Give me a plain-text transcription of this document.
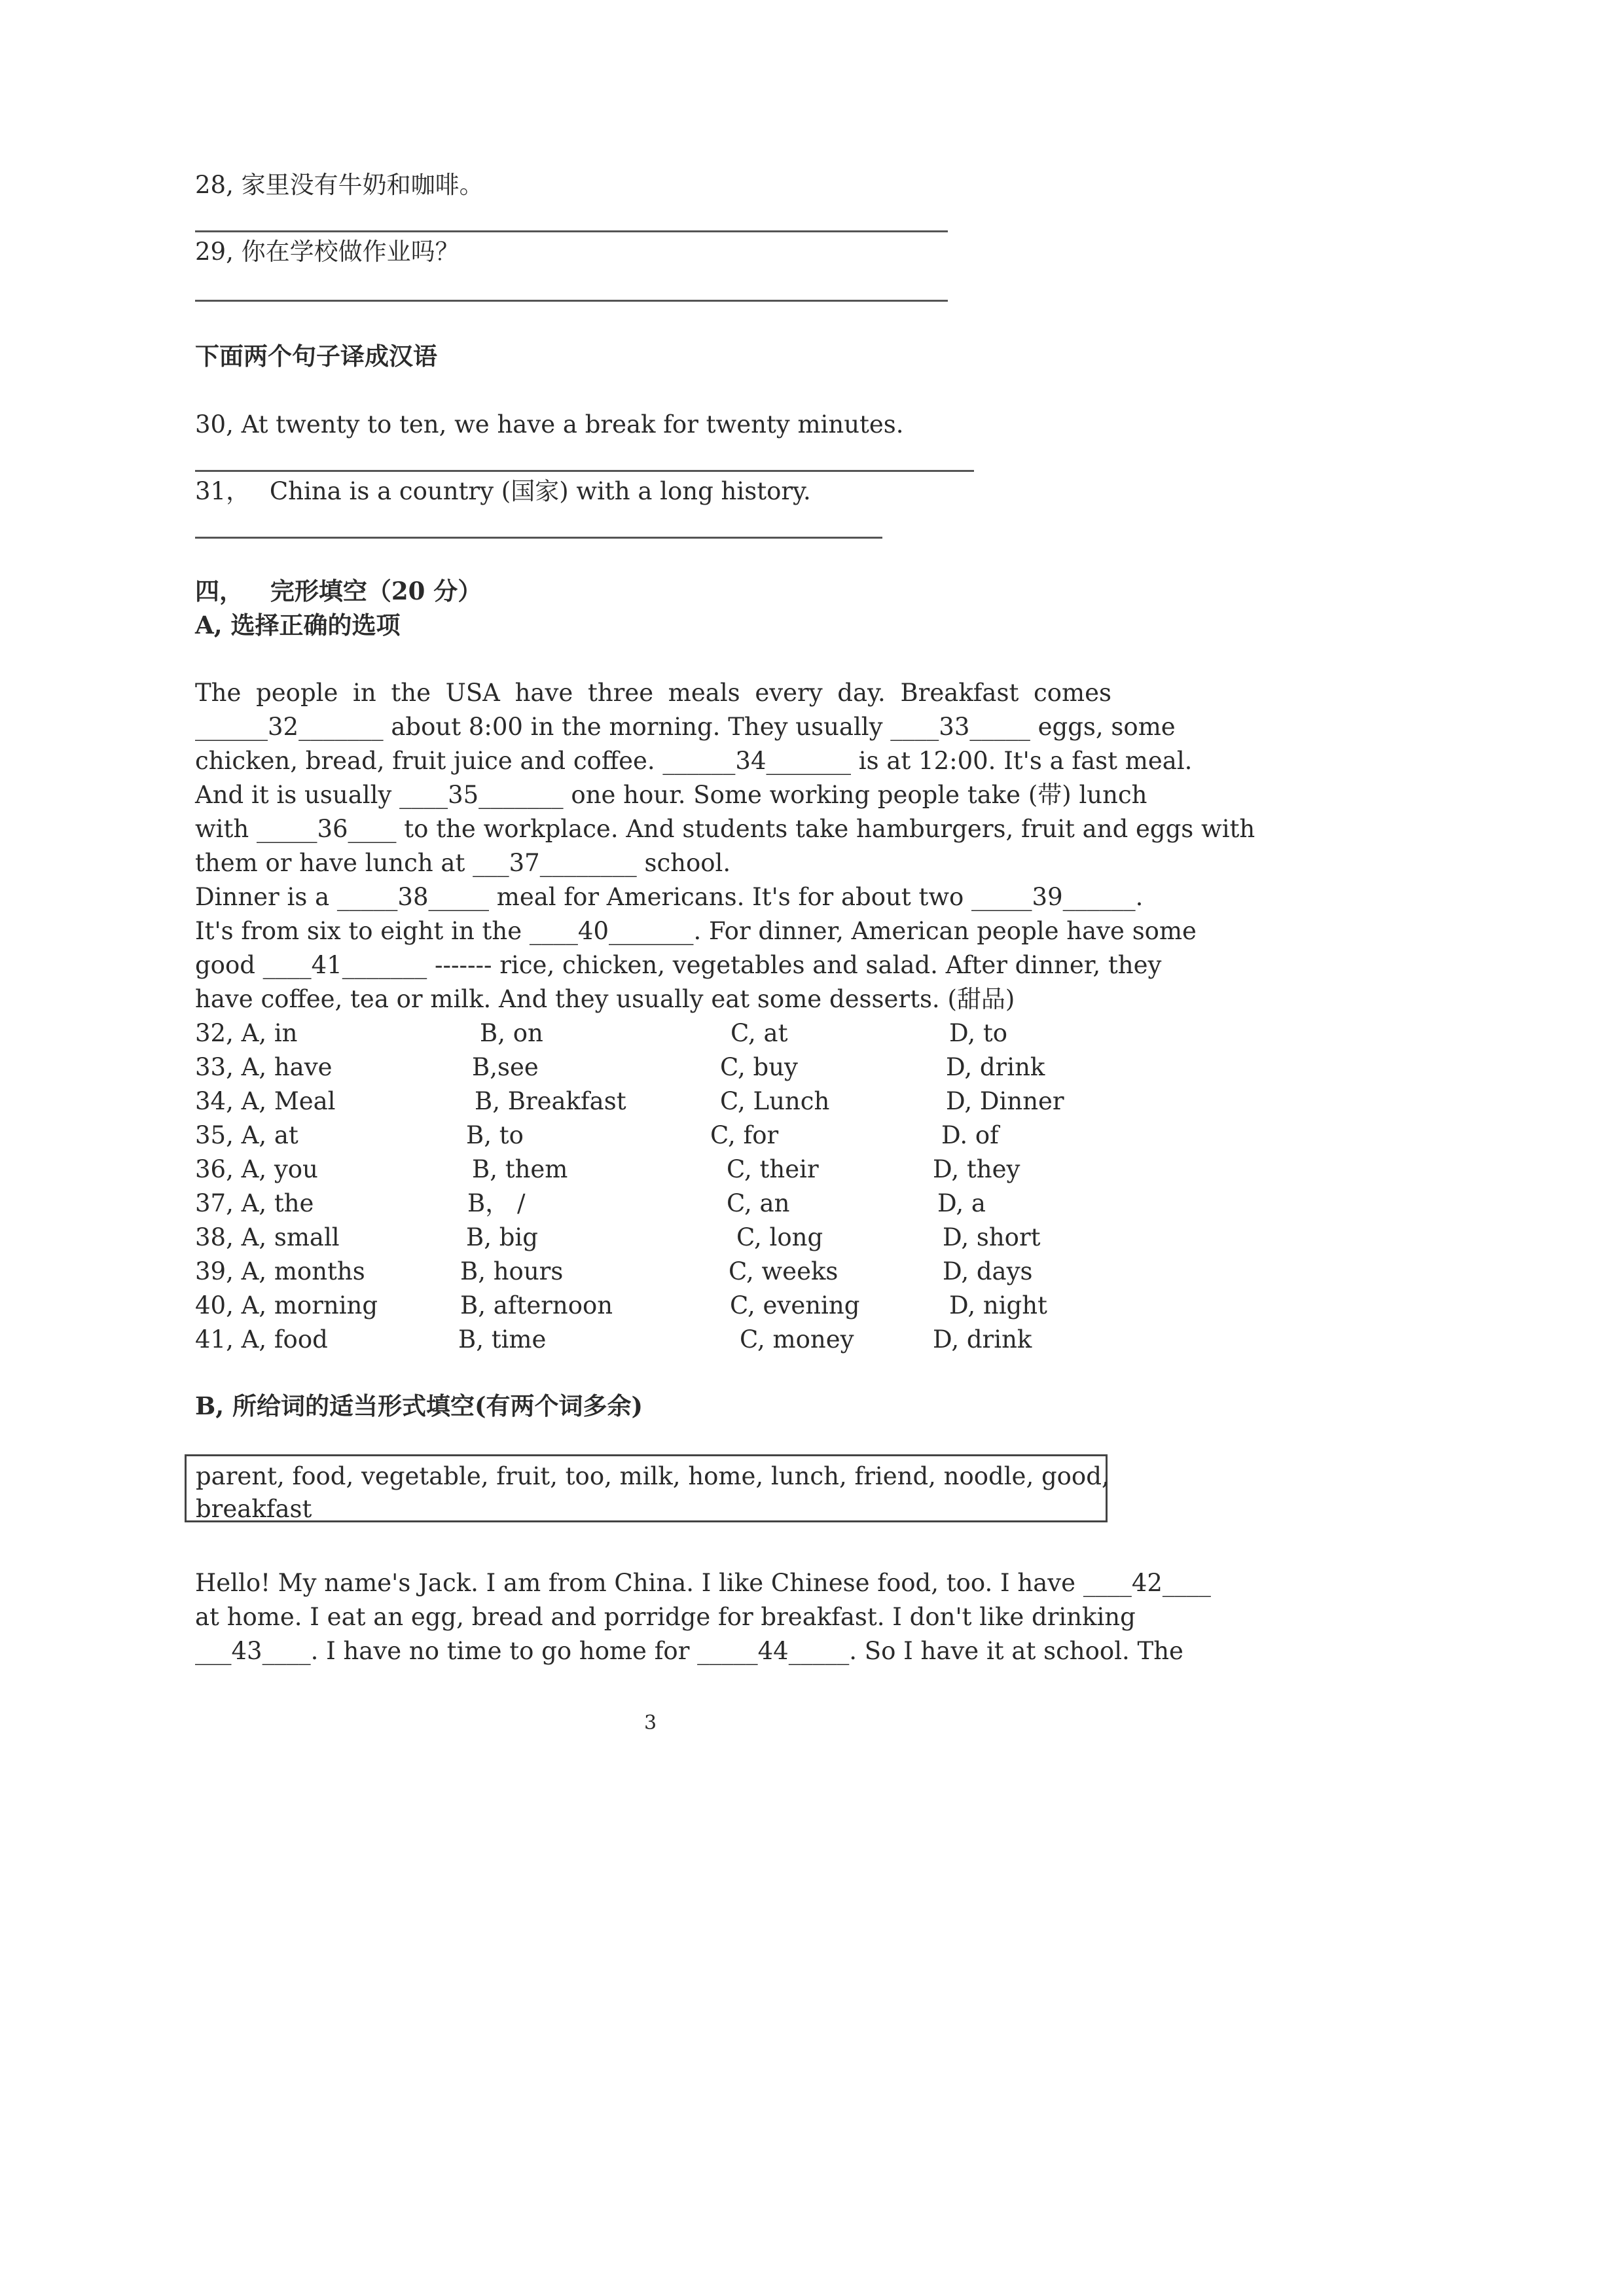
28, 家里没有牛奶和咖啡。
29, 你在学校做作业吗？
下面两个句子译成汉语
30, At twenty to ten, we have a break for twenty minutes.
31， China is a country (国家) with a long history.
四， 完形填空（20 分）
A, 选择正确的选项
The people in the USA have three meals every day. Breakfast comes
______32_______ about 8:00 in the morning. They usually ____33_____ eggs, some
chicken, bread, fruit juice and coffee. ______34_______ is at 12:00. It's a fast meal.
And it is usually ____35_______ one hour. Some working people take (带) lunch
with _____36____ to the workplace. And students take hamburgers, fruit and eggs with
them or have lunch at ___37________ school.
Dinner is a _____38_____ meal for Americans. It's for about two _____39______.
It's from six to eight in the ____40_______. For dinner, American people have some
good ____41_______ ------- rice, chicken, vegetables and salad. After dinner, they
have coffee, tea or milk. And they usually eat some desserts. (甜品)
32, A, in	B, on	C, at	D, to
33, A, have	B,see	C, buy	D, drink
34, A, Meal	B, Breakfast	C, Lunch	D, Dinner
35, A, at	B, to	C, for	D. of
36, A, you	B, them	C, their	D, they
37, A, the	B， /	C, an	D, a
38, A, small	B, big	C, long	D, short
39, A, months	B, hours	C, weeks	D, days
40, A, morning	B, afternoon	C, evening	D, night
41, A, food	B, time	C, money	D, drink
B, 所给词的适当形式填空(有两个词多余)
parent, food, vegetable, fruit, too, milk, home, lunch, friend, noodle, good,
breakfast
Hello! My name's Jack. I am from China. I like Chinese food, too. I have ____42____
at home. I eat an egg, bread and porridge for breakfast. I don't like drinking
___43____. I have no time to go home for _____44_____. So I have it at school. The
3
